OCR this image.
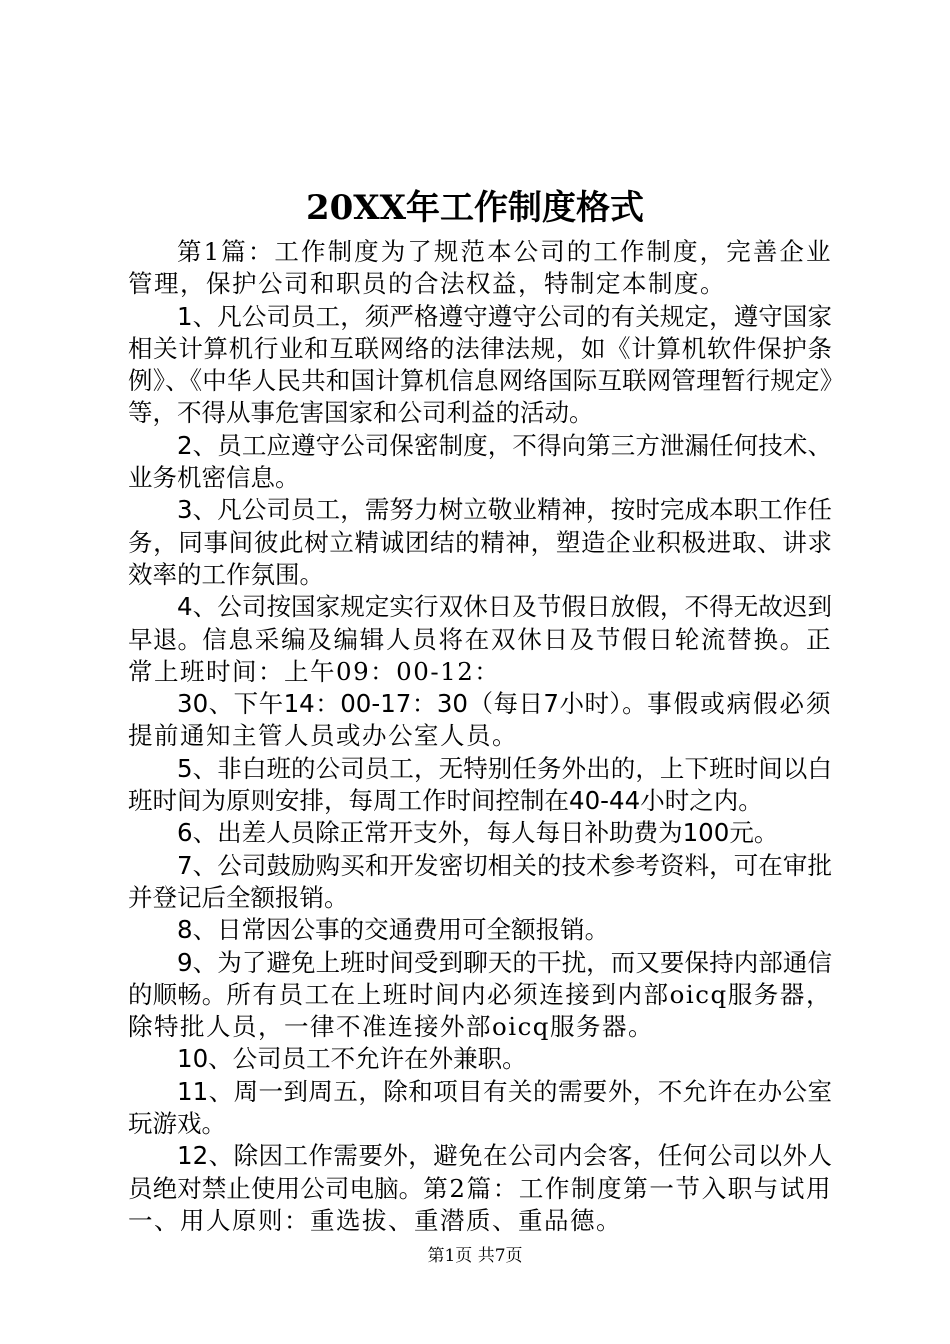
20XX年工作制度格式

第1篇：工作制度为了规范本公司的工作制度，完善企业管理，保护公司和职员的合法权益，特制定本制度。

1、凡公司员工，须严格遵守遵守公司的有关规定，遵守国家相关计算机行业和互联网络的法律法规，如《计算机软件保护条例》、《中华人民共和国计算机信息网络国际互联网管理暂行规定》等，不得从事危害国家和公司利益的活动。

2、员工应遵守公司保密制度，不得向第三方泄漏任何技术、业务机密信息。

3、凡公司员工，需努力树立敬业精神，按时完成本职工作任务，同事间彼此树立精诚团结的精神，塑造企业积极进取、讲求效率的工作氛围。

4、公司按国家规定实行双休日及节假日放假，不得无故迟到早退。信息采编及编辑人员将在双休日及节假日轮流替换。正常上班时间：上午09：00-12：

30、下午14：00-17：30（每日7小时）。事假或病假必须提前通知主管人员或办公室人员。

5、非白班的公司员工，无特别任务外出的，上下班时间以白班时间为原则安排，每周工作时间控制在40-44小时之内。

6、出差人员除正常开支外，每人每日补助费为100元。

7、公司鼓励购买和开发密切相关的技术参考资料，可在审批并登记后全额报销。

8、日常因公事的交通费用可全额报销。

9、为了避免上班时间受到聊天的干扰，而又要保持内部通信的顺畅。所有员工在上班时间内必须连接到内部oicq服务器，除特批人员，一律不准连接外部oicq服务器。

10、公司员工不允许在外兼职。

11、周一到周五，除和项目有关的需要外，不允许在办公室玩游戏。

12、除因工作需要外，避免在公司内会客，任何公司以外人员绝对禁止使用公司电脑。第2篇：工作制度第一节入职与试用一、用人原则：重选拔、重潜质、重品德。

第1页 共7页
